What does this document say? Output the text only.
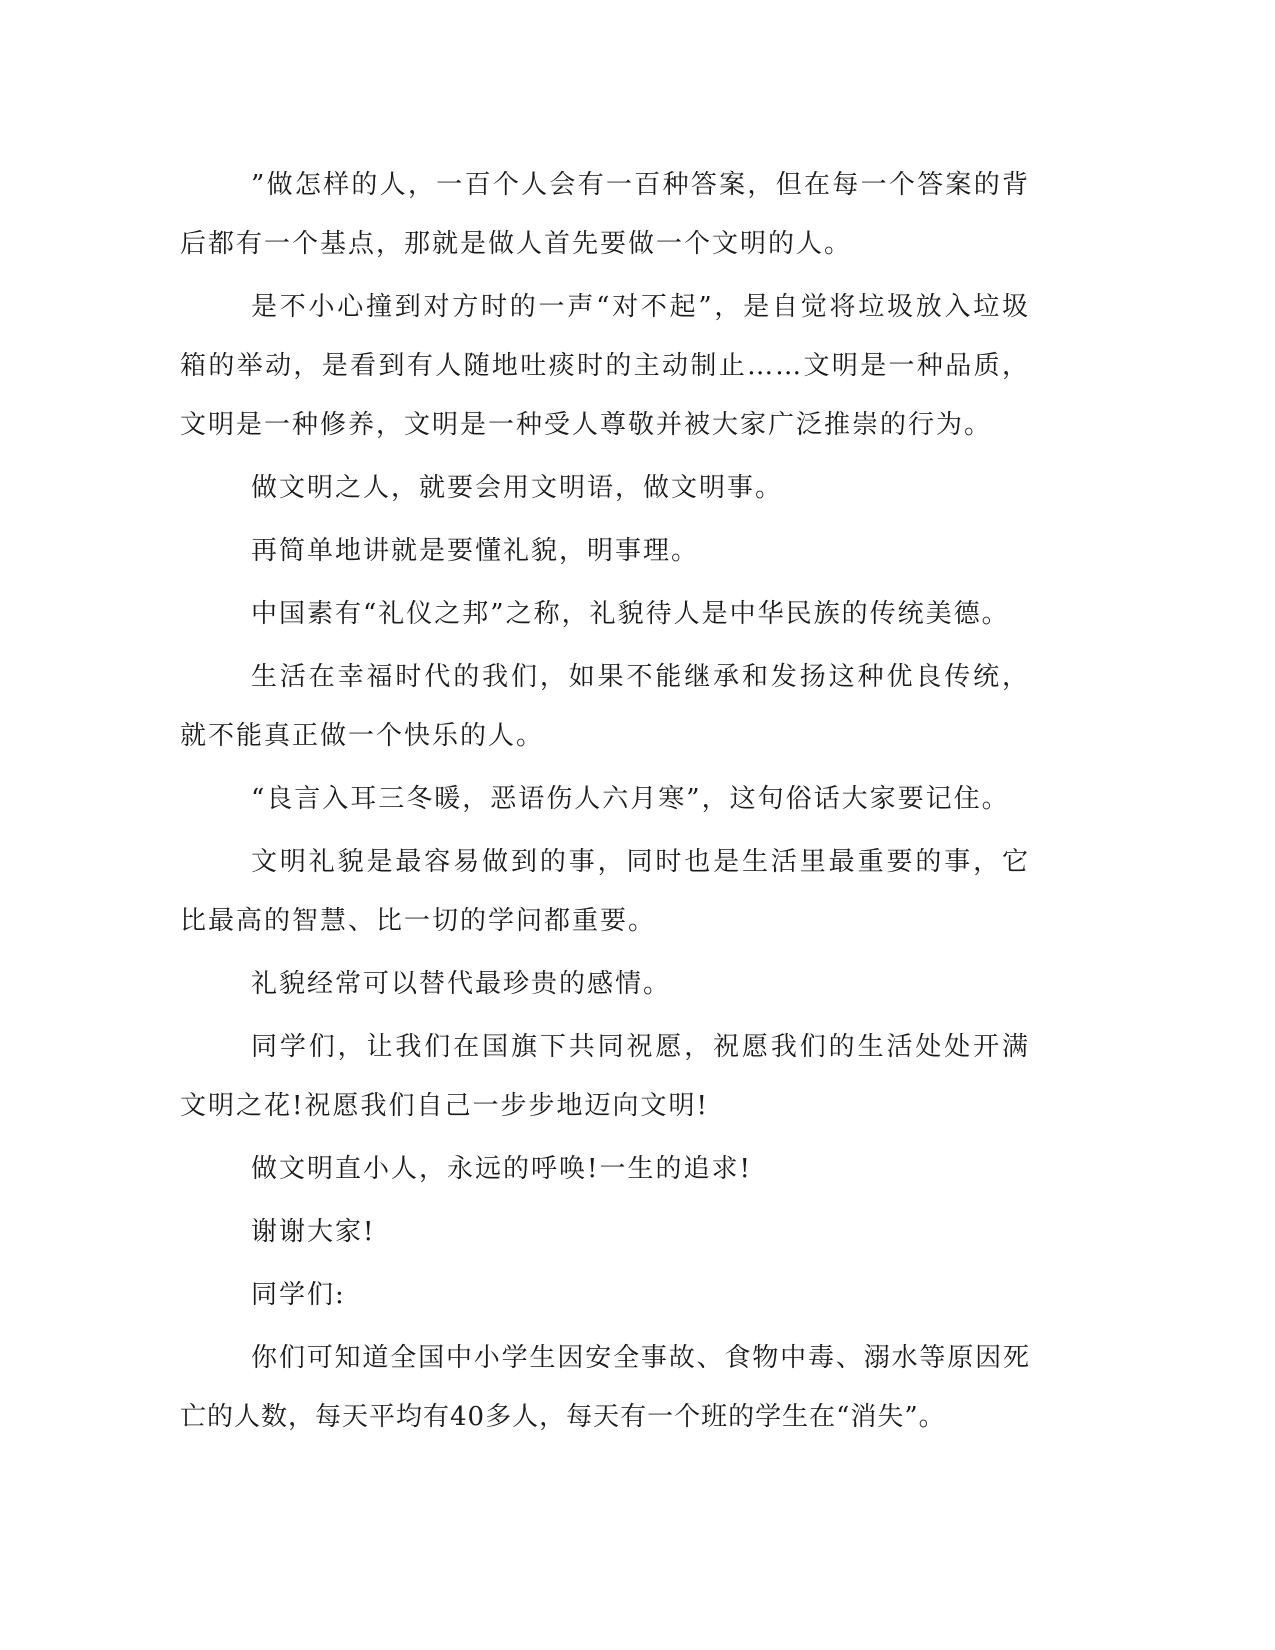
”做怎样的人，一百个人会有一百种答案，但在每一个答案的背后都有一个基点，那就是做人首先要做一个文明的人。

是不小心撞到对方时的一声“对不起”，是自觉将垃圾放入垃圾箱的举动，是看到有人随地吐痰时的主动制止……文明是一种品质，文明是一种修养，文明是一种受人尊敬并被大家广泛推崇的行为。

做文明之人，就要会用文明语，做文明事。

再简单地讲就是要懂礼貌，明事理。

中国素有“礼仪之邦”之称，礼貌待人是中华民族的传统美德。

生活在幸福时代的我们，如果不能继承和发扬这种优良传统，就不能真正做一个快乐的人。

“良言入耳三冬暖，恶语伤人六月寒”，这句俗话大家要记住。

文明礼貌是最容易做到的事，同时也是生活里最重要的事，它比最高的智慧、比一切的学问都重要。

礼貌经常可以替代最珍贵的感情。

同学们，让我们在国旗下共同祝愿，祝愿我们的生活处处开满文明之花!祝愿我们自己一步步地迈向文明!

做文明直小人，永远的呼唤!一生的追求!

谢谢大家!

同学们:

你们可知道全国中小学生因安全事故、食物中毒、溺水等原因死亡的人数，每天平均有40多人，每天有一个班的学生在“消失”。
